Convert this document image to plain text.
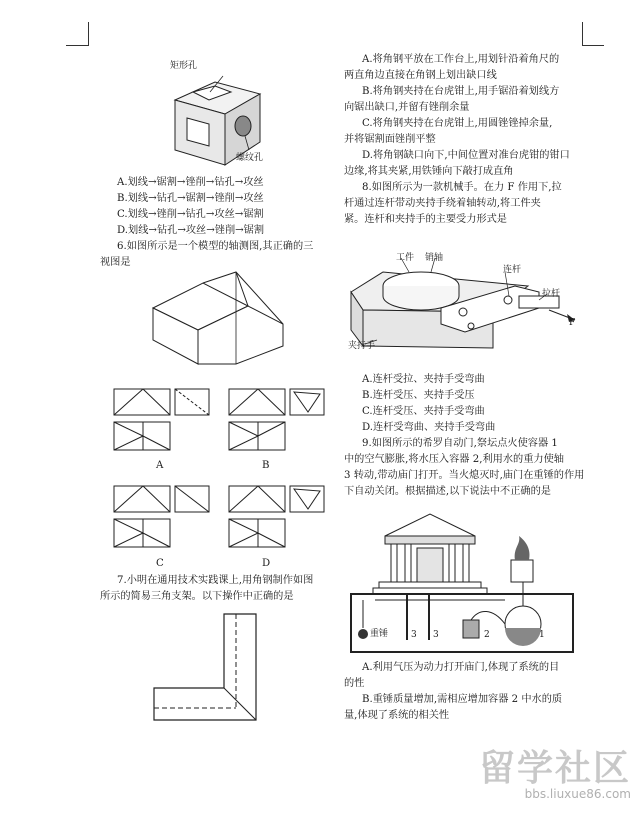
矩形孔
螺纹孔
A.划线→锯割→锉削→钻孔→攻丝
B.划线→钻孔→锯割→锉削→攻丝
C.划线→锉削→钻孔→攻丝→锯割
D.划线→钻孔→攻丝→锉削→锯割
6.如图所示是一个模型的轴测图,其正确的三
视图是
A	B
C	D
7.小明在通用技术实践课上,用角钢制作如图
所示的简易三角支架。以下操作中正确的是
A.将角钢平放在工作台上,用划针沿着角尺的
两直角边直接在角钢上划出缺口线
B.将角钢夹持在台虎钳上,用手锯沿着划线方
向锯出缺口,并留有锉削余量
C.将角钢夹持在台虎钳上,用圆锉锉掉余量,
并将锯割面锉削平整
D.将角钢缺口向下,中间位置对准台虎钳的钳口
边缘,将其夹紧,用铁锤向下敲打成直角
8.如图所示为一款机械手。在力 F 作用下,拉
杆通过连杆带动夹持手绕着轴转动,将工件夹
紧。连杆和夹持手的主要受力形式是
工件 销轴
连杆
拉杆
夹持手
F
A.连杆受拉、夹持手受弯曲
B.连杆受压、夹持手受压
C.连杆受压、夹持手受弯曲
D.连杆受弯曲、夹持手受弯曲
9.如图所示的希罗自动门,祭坛点火使容器 1
中的空气膨胀,将水压入容器 2,利用水的重力使轴
3 转动,带动庙门打开。当火熄灭时,庙门在重锤的作用
下自动关闭。根据描述,以下说法中不正确的是
重锤	3 3	2	1
A.利用气压为动力打开庙门,体现了系统的目
的性
B.重锤质量增加,需相应增加容器 2 中水的质
量,体现了系统的相关性
留学社区
bbs.liuxue86.com
